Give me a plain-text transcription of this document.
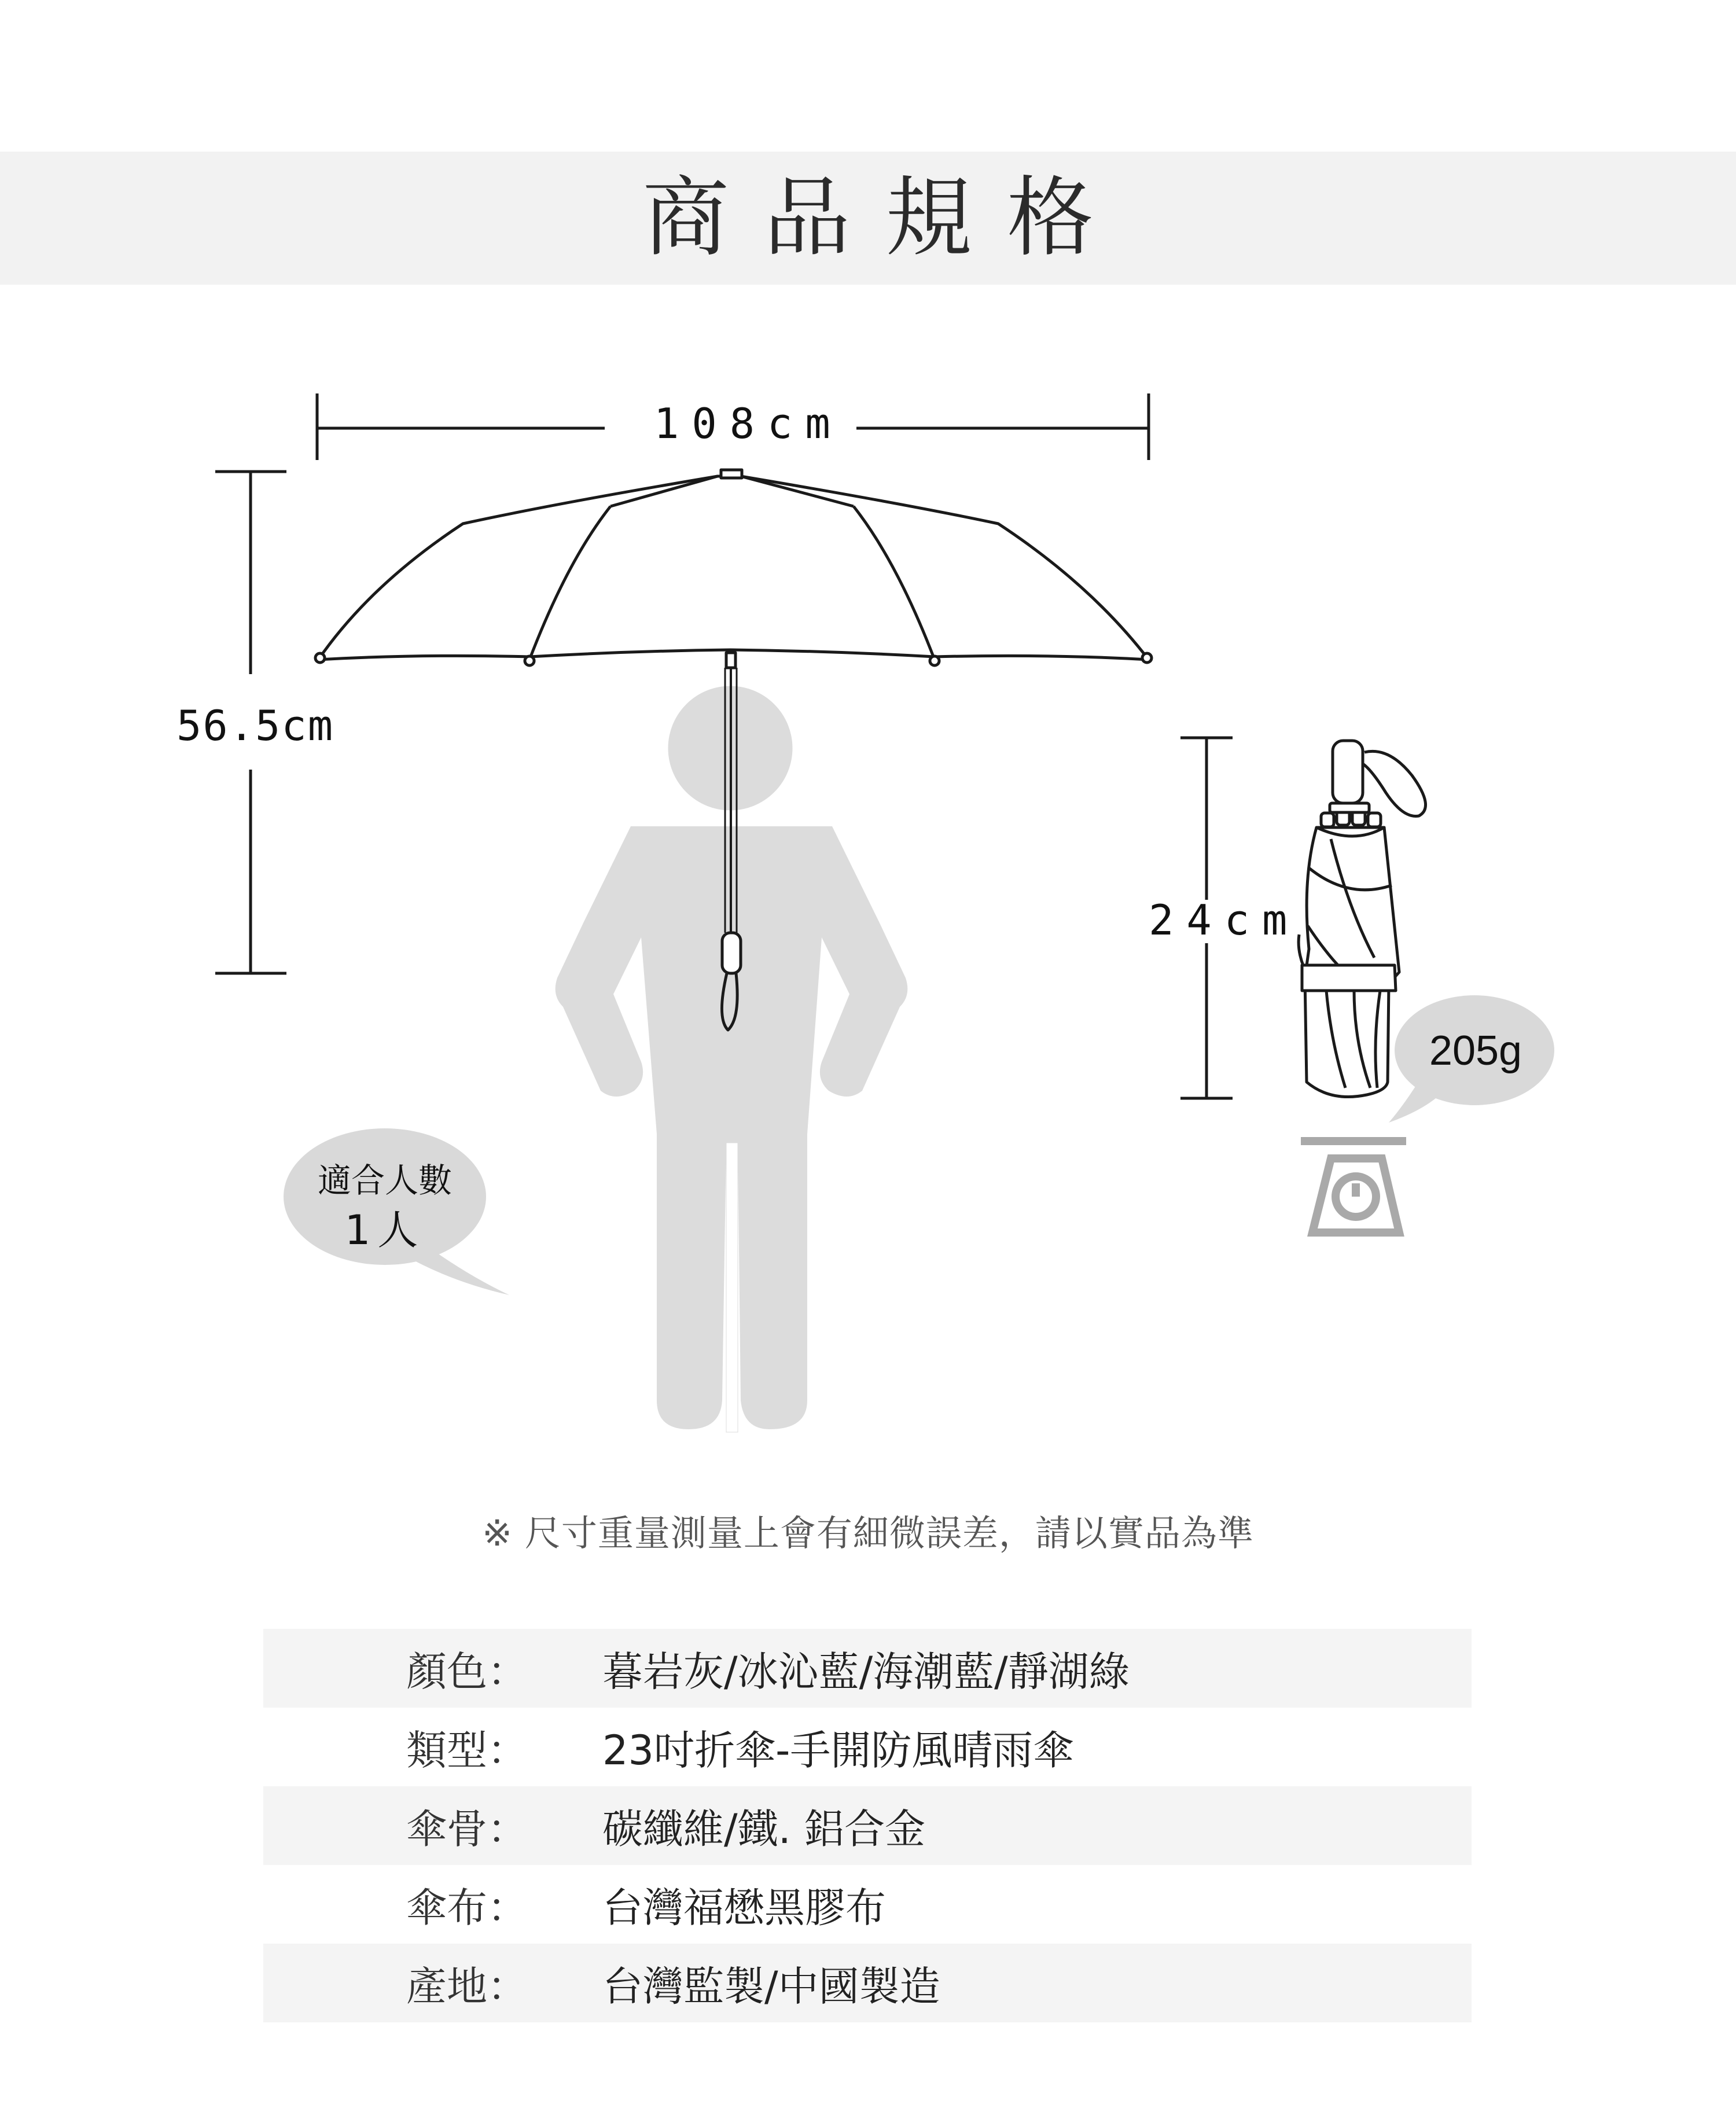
商品規格
108cm
56.5cm
24cm
205g
適合人數
1人
※ 尺寸重量測量上會有細微誤差，請以實品為準
顏色： 暮岩灰/冰沁藍/海潮藍/靜湖綠
類型： 23吋折傘-手開防風晴雨傘
傘骨： 碳纖維/鐵. 鋁合金
傘布： 台灣福懋黑膠布
產地： 台灣監製/中國製造
